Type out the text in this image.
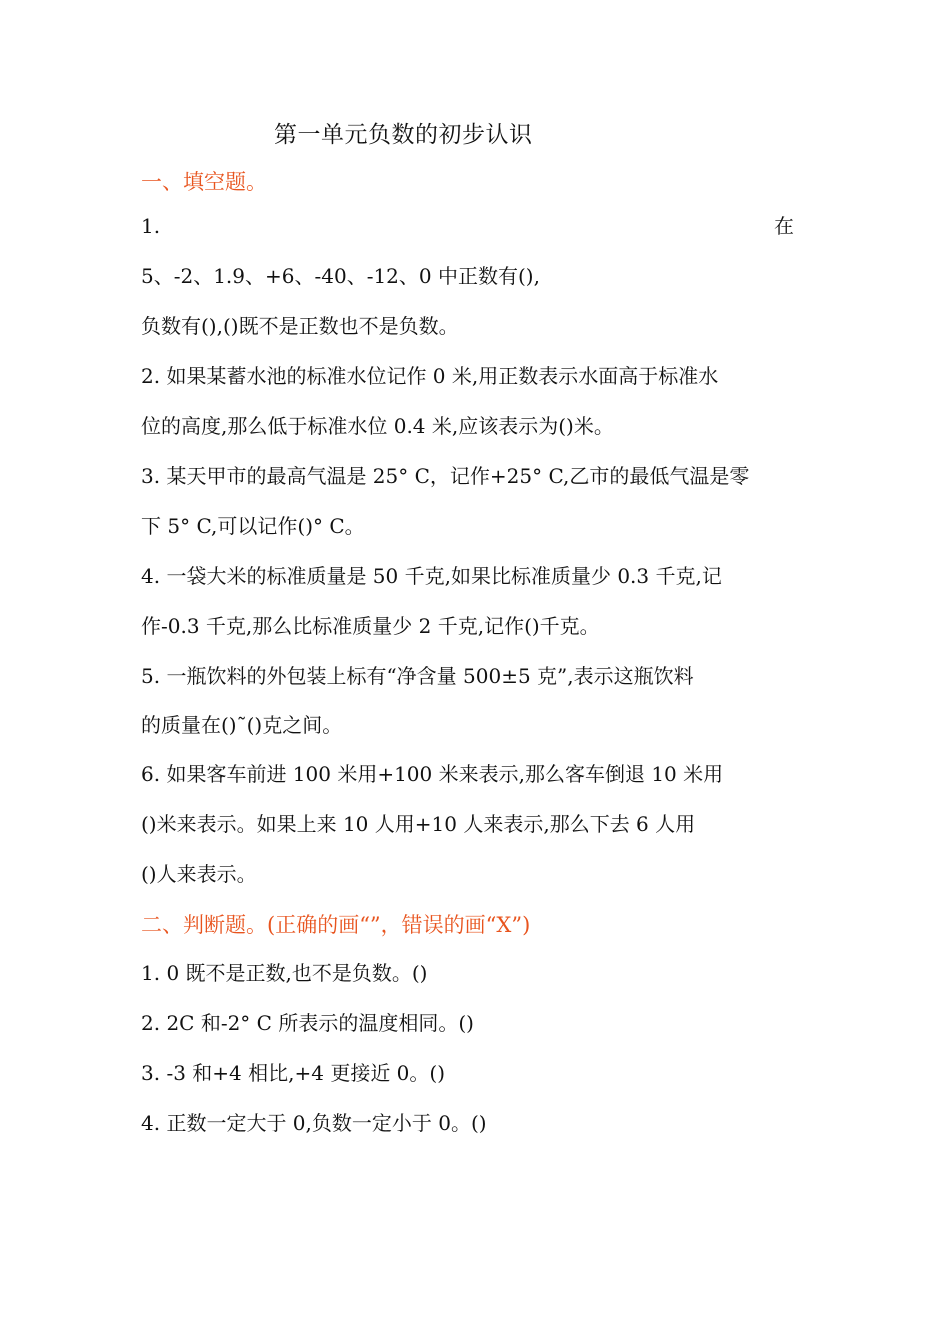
第一单元负数的初步认识
一、填空题。
1.	在
5、-2、1.9、+6、-40、-12、0 中正数有(),
负数有(),()既不是正数也不是负数。
2. 如果某蓄水池的标准水位记作 0 米,用正数表示水面高于标准水
位的高度,那么低于标准水位 0.4 米,应该表示为()米。
3. 某天甲市的最高气温是 25° C，记作+25° C,乙市的最低气温是零
下 5° C,可以记作()° C。
4. 一袋大米的标准质量是 50 千克,如果比标准质量少 0.3 千克,记
作-0.3 千克,那么比标准质量少 2 千克,记作()千克。
5. 一瓶饮料的外包装上标有“净含量 500±5 克”,表示这瓶饮料
的质量在()˜()克之间。
6. 如果客车前进 100 米用+100 米来表示,那么客车倒退 10 米用
()米来表示。如果上来 10 人用+10 人来表示,那么下去 6 人用
()人来表示。
二、判断题。(正确的画“”，错误的画“X”)
1. 0 既不是正数,也不是负数。()
2. 2C 和-2° C 所表示的温度相同。()
3. -3 和+4 相比,+4 更接近 0。()
4. 正数一定大于 0,负数一定小于 0。()
